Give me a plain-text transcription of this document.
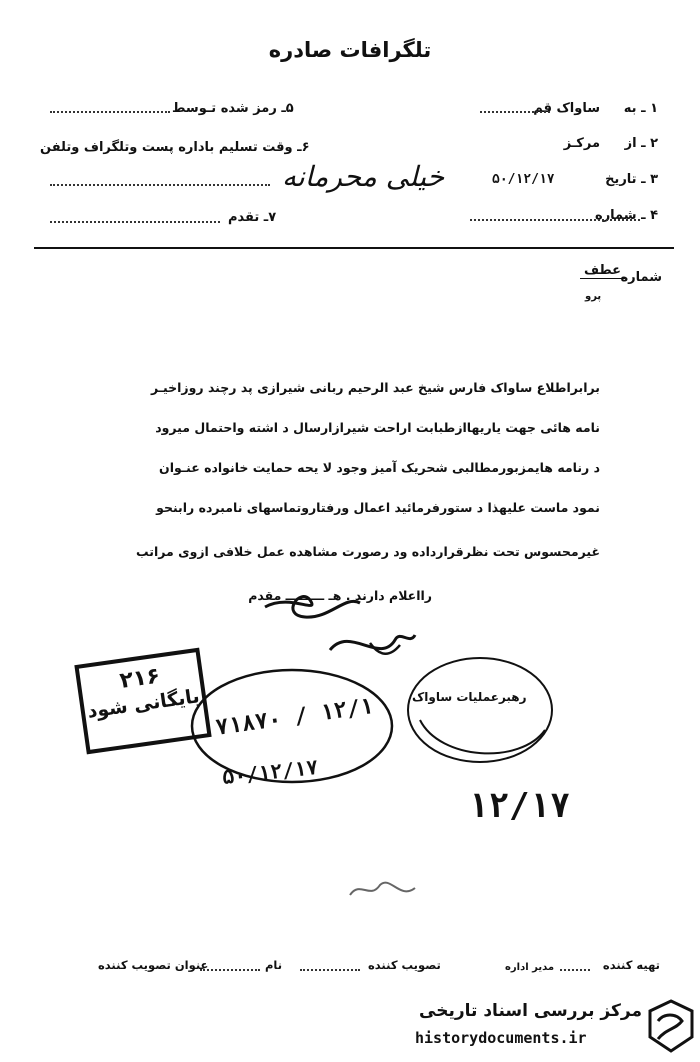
تلگرافات صادره
۵ـ رمز شده تـوسط
۶ـ وقت تسلیم باداره پست وتلگراف وتلفن
۷ـ تقدم
۱ ـ به
ساواک قم
۲ ـ از
مرکـز
۳ ـ تاریخ
۵۰/۱۲/۱۷
۴ ـ شماره
خیلی محرمانه
شماره
عطف
پرو
برابراطلاع ساواک فارس شیخ عبد الرحیم ربانی شیرازی پد رچند روزاخیـر
نامه هائی جهت یاریهاازطبابت اراحت شیرازارسال د اشته واحتمال میرود
د رنامه هایمزبورمطالبی شحریک آمیز وجود لا یحه حمایت خانواده عنـوان
نمود ماست علیهذا د ستورفرمائید اعمال ورفتاروتماسهای نامبرده رابنحو
غیرمحسوس تحت نظرقرارداده ود رصورت مشاهده عمل خلافی ازوی مراتب
رااعلام دارند . هـ ـــــــــ مقدم
رهبرعملیات ساواک
۲۱۶
بایگانی شود ۷۱۸۷۰ / ۱۲/۱
۵۰/۱۲/۱۷
۱۲/۱۷
تهیه کننده
مدیر اداره
تصویب کننده
نام
عنوان تصویب کننده
مرکز بررسی اسناد تاریخی
historydocuments.ir
